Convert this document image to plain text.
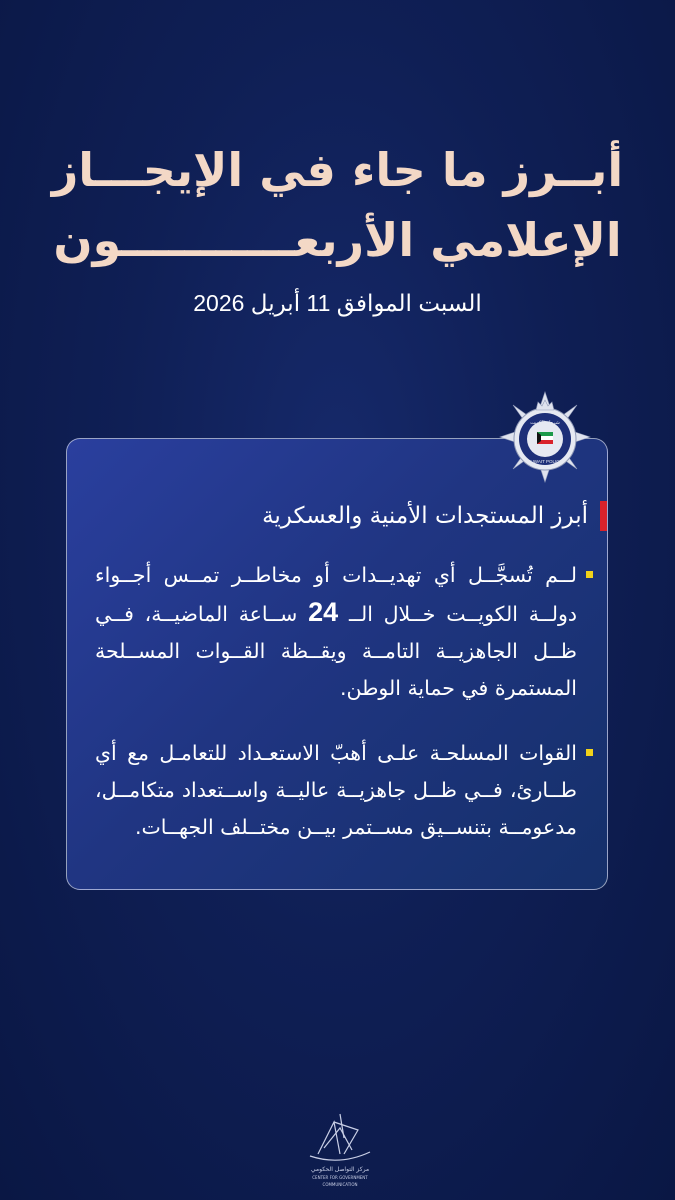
أبــرز ما جاء في الإيجـــاز
الإعلامي الأربعـــــــــــون
السبت الموافق 11 أبريل 2026
أبرز المستجدات الأمنية والعسكرية
لــم تُسجَّــل أي تهديــدات أو مخاطــر تمــس أجــواء دولــة الكويــت خــلال الــ 24 ســاعة الماضيــة، فــي ظــل الجاهزيــة التامــة ويقــظة القــوات المســلحة المستمرة في حماية الوطن.
القوات المسلحـة علـى أهبّ الاستعـداد للتعامـل مع أي طــارئ، فــي ظــل جاهزيــة عاليــة واســتعداد متكامــل، مدعومــة بتنســيق مســتمر بيــن مختــلف الجهــات.
شرطة الكويت
KUWAIT POLICE
مركز التواصل الحكومي
CENTER FOR GOVERNMENT COMMUNICATION
